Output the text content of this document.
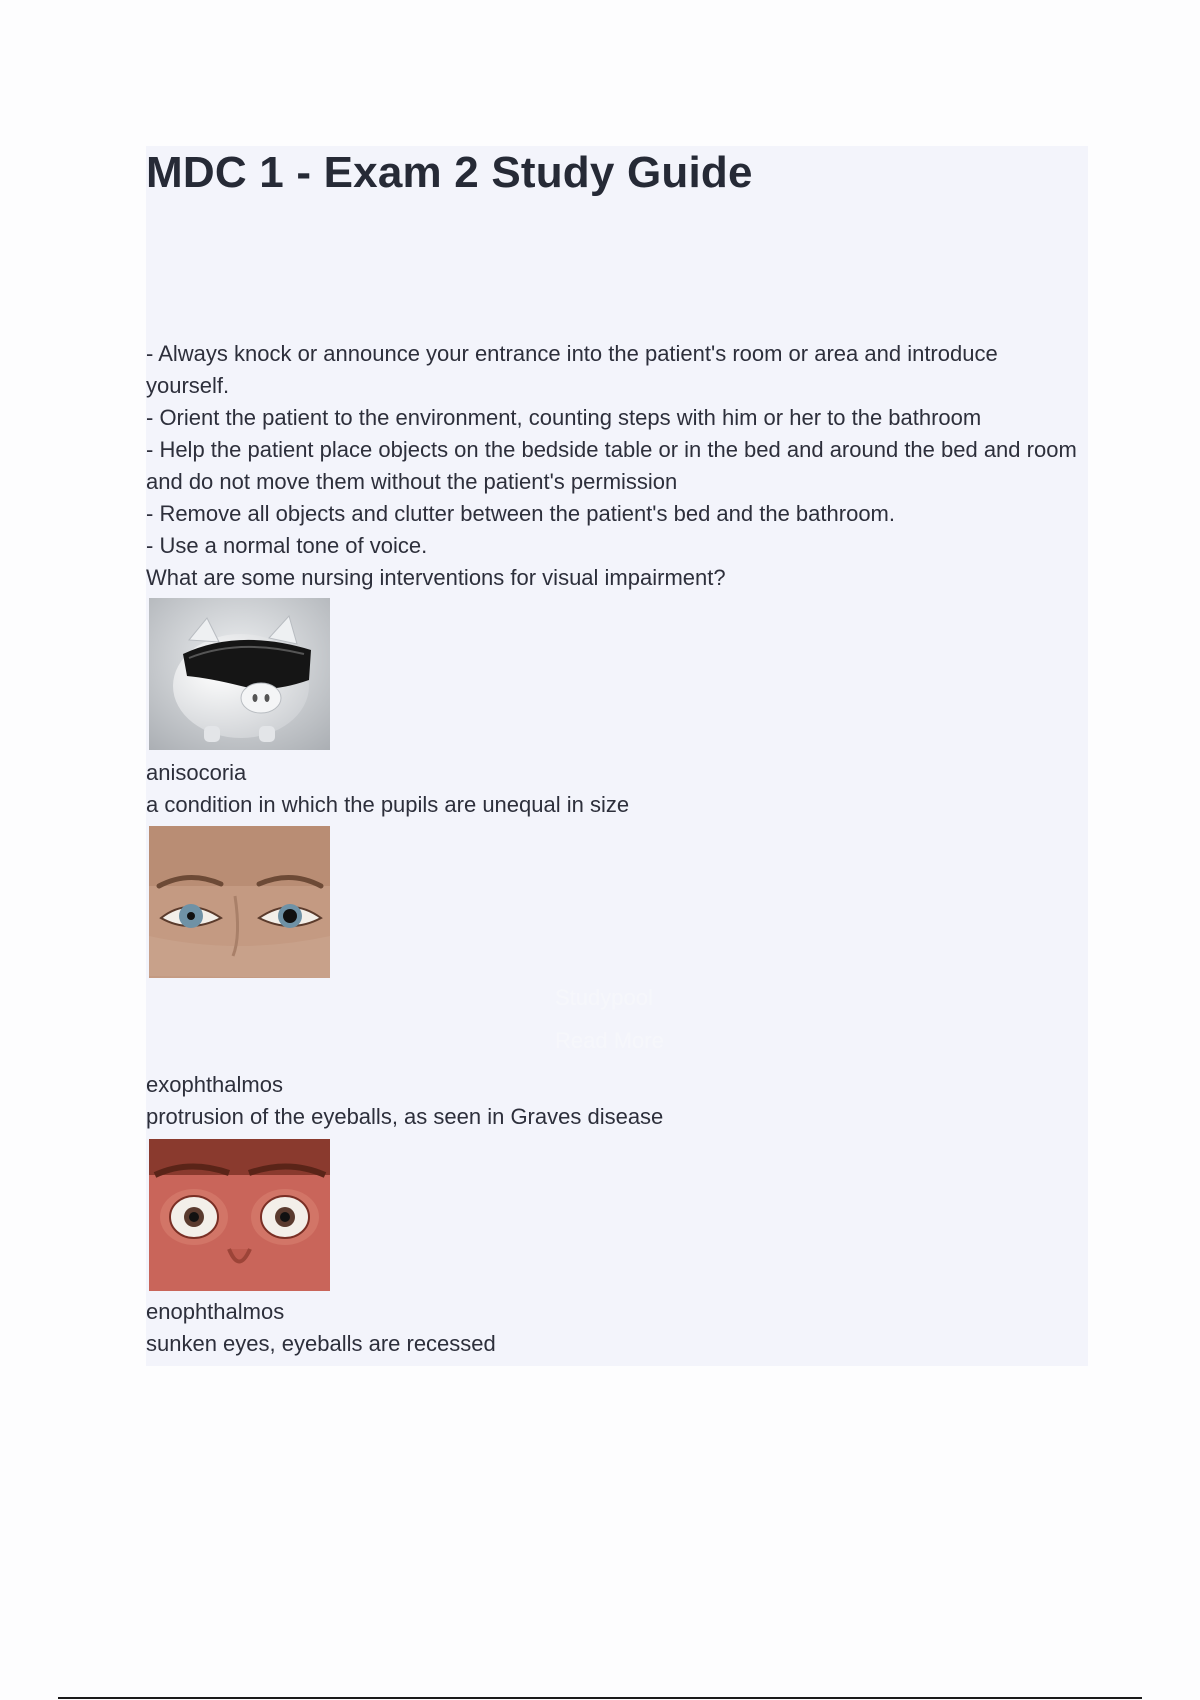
MDC 1 - Exam 2 Study Guide

- Always knock or announce your entrance into the patient's room or area and introduce yourself.

- Orient the patient to the environment, counting steps with him or her to the bathroom

- Help the patient place objects on the bedside table or in the bed and around the bed and room and do not move them without the patient's permission

- Remove all objects and clutter between the patient's bed and the bathroom.

- Use a normal tone of voice.

What are some nursing interventions for visual impairment?

anisocoria

a condition in which the pupils are unequal in size

Studypool
Read More

exophthalmos

protrusion of the eyeballs, as seen in Graves disease

enophthalmos

sunken eyes, eyeballs are recessed
